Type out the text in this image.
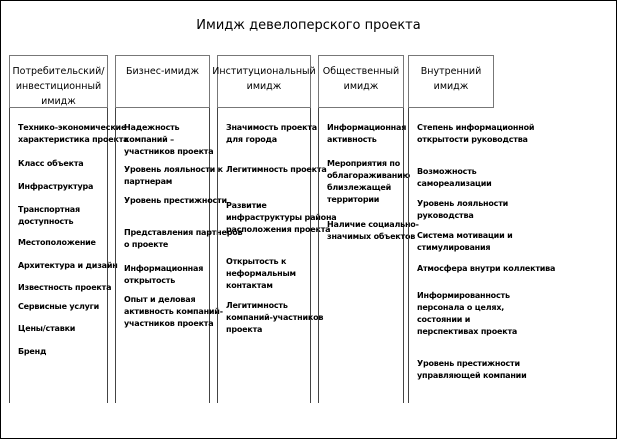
Имидж девелоперского проекта
Потребительский/
инвестиционный
имидж
Технико-экономические
характеристика проекта
Класс объекта
Инфраструктура
Транспортная
доступность
Местоположение
Архитектура и дизайн
Известность проекта
Сервисные услуги
Цены/ставки
Бренд
Бизнес-имидж
Надежность
компаний –
участников проекта
Уровень лояльности к
партнерам
Уровень престижности
Представления партнеров
о проекте
Информационная
открытость
Опыт и деловая
активность компаний-
участников проекта
Институциональный
имидж
Значимость проекта
для города
Легитимность проекта
Развитие
инфраструктуры района
расположения проекта
Открытость к
неформальным
контактам
Легитимность
компаний-участников
проекта
Общественный
имидж
Информационная
активность
Мероприятия по
облагораживанию
близлежащей
территории
Наличие социально-
значимых объектов
Внутренний
имидж
Степень информационной
открытости руководства
Возможность
самореализации
Уровень лояльности
руководства
Система мотивации и
стимулирования
Атмосфера внутри коллектива
Информированность
персонала о целях,
состоянии и
перспективах проекта
Уровень престижности
управляющей компании
